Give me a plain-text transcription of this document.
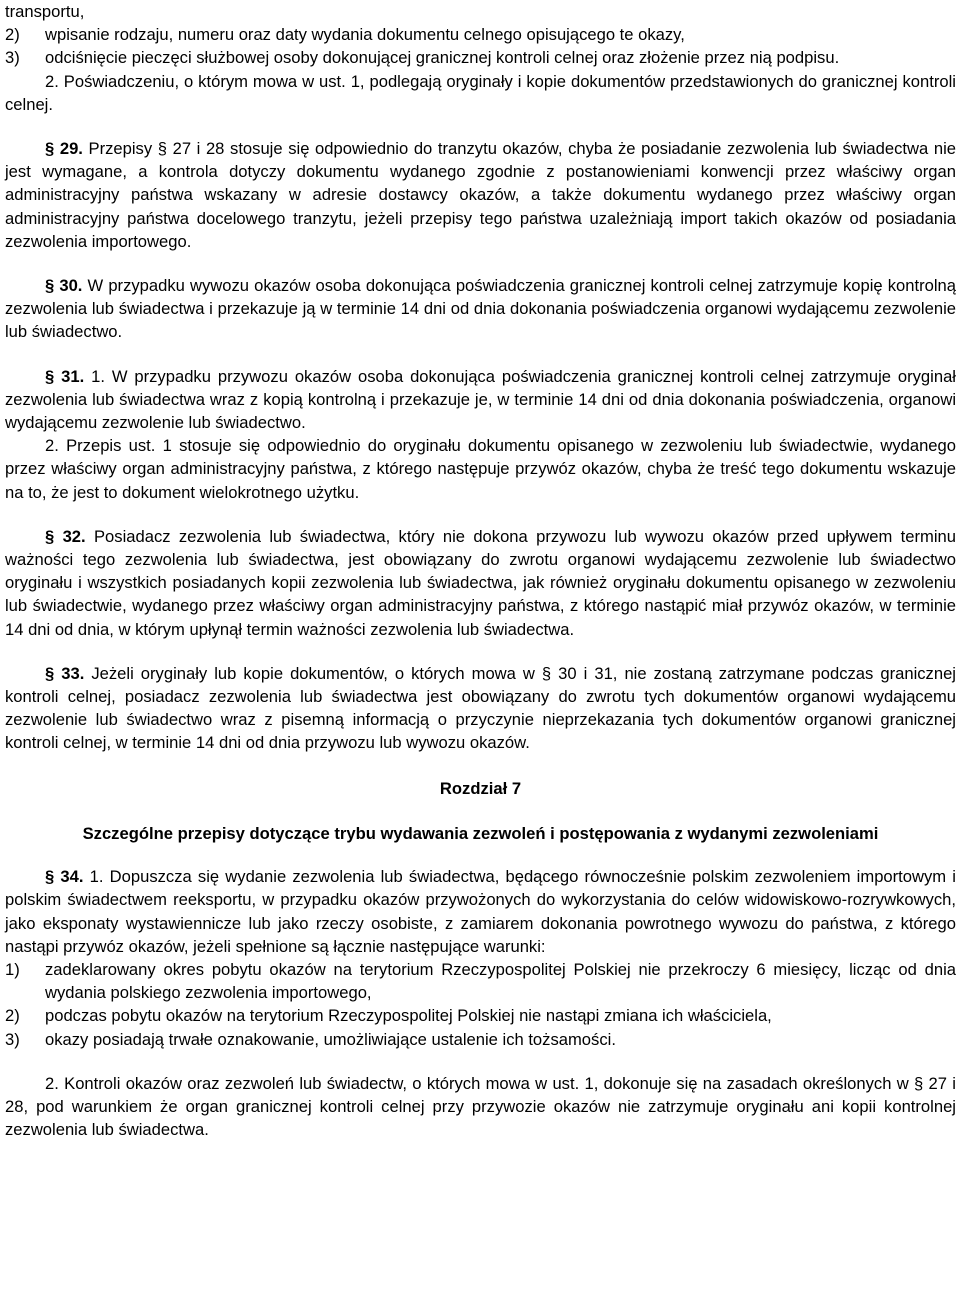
transportu,

2) wpisanie rodzaju, numeru oraz daty wydania dokumentu celnego opisującego te okazy,
3) odciśnięcie pieczęci służbowej osoby dokonującej granicznej kontroli celnej oraz złożenie przez nią podpisu.

2. Poświadczeniu, o którym mowa w ust. 1, podlegają oryginały i kopie dokumentów przedstawionych do granicznej kontroli celnej.

§ 29. Przepisy § 27 i 28 stosuje się odpowiednio do tranzytu okazów, chyba że posiadanie zezwolenia lub świadectwa nie jest wymagane, a kontrola dotyczy dokumentu wydanego zgodnie z postanowieniami konwencji przez właściwy organ administracyjny państwa wskazany w adresie dostawcy okazów, a także dokumentu wydanego przez właściwy organ administracyjny państwa docelowego tranzytu, jeżeli przepisy tego państwa uzależniają import takich okazów od posiadania zezwolenia importowego.

§ 30. W przypadku wywozu okazów osoba dokonująca poświadczenia granicznej kontroli celnej zatrzymuje kopię kontrolną zezwolenia lub świadectwa i przekazuje ją w terminie 14 dni od dnia dokonania poświadczenia organowi wydającemu zezwolenie lub świadectwo.

§ 31. 1. W przypadku przywozu okazów osoba dokonująca poświadczenia granicznej kontroli celnej zatrzymuje oryginał zezwolenia lub świadectwa wraz z kopią kontrolną i przekazuje je, w terminie 14 dni od dnia dokonania poświadczenia, organowi wydającemu zezwolenie lub świadectwo.

2. Przepis ust. 1 stosuje się odpowiednio do oryginału dokumentu opisanego w zezwoleniu lub świadectwie, wydanego przez właściwy organ administracyjny państwa, z którego następuje przywóz okazów, chyba że treść tego dokumentu wskazuje na to, że jest to dokument wielokrotnego użytku.

§ 32. Posiadacz zezwolenia lub świadectwa, który nie dokona przywozu lub wywozu okazów przed upływem terminu ważności tego zezwolenia lub świadectwa, jest obowiązany do zwrotu organowi wydającemu zezwolenie lub świadectwo oryginału i wszystkich posiadanych kopii zezwolenia lub świadectwa, jak również oryginału dokumentu opisanego w zezwoleniu lub świadectwie, wydanego przez właściwy organ administracyjny państwa, z którego nastąpić miał przywóz okazów, w terminie 14 dni od dnia, w którym upłynął termin ważności zezwolenia lub świadectwa.

§ 33. Jeżeli oryginały lub kopie dokumentów, o których mowa w § 30 i 31, nie zostaną zatrzymane podczas granicznej kontroli celnej, posiadacz zezwolenia lub świadectwa jest obowiązany do zwrotu tych dokumentów organowi wydającemu zezwolenie lub świadectwo wraz z pisemną informacją o przyczynie nieprzekazania tych dokumentów organowi granicznej kontroli celnej, w terminie 14 dni od dnia przywozu lub wywozu okazów.

Rozdział 7

Szczególne przepisy dotyczące trybu wydawania zezwoleń i postępowania z wydanymi zezwoleniami

§ 34. 1. Dopuszcza się wydanie zezwolenia lub świadectwa, będącego równocześnie polskim zezwoleniem importowym i polskim świadectwem reeksportu, w przypadku okazów przywożonych do wykorzystania do celów widowiskowo-rozrywkowych, jako eksponaty wystawiennicze lub jako rzeczy osobiste, z zamiarem dokonania powrotnego wywozu do państwa, z którego nastąpi przywóz okazów, jeżeli spełnione są łącznie następujące warunki:

1) zadeklarowany okres pobytu okazów na terytorium Rzeczypospolitej Polskiej nie przekroczy 6 miesięcy, licząc od dnia wydania polskiego zezwolenia importowego,
2) podczas pobytu okazów na terytorium Rzeczypospolitej Polskiej nie nastąpi zmiana ich właściciela,
3) okazy posiadają trwałe oznakowanie, umożliwiające ustalenie ich tożsamości.

2. Kontroli okazów oraz zezwoleń lub świadectw, o których mowa w ust. 1, dokonuje się na zasadach określonych w § 27 i 28, pod warunkiem że organ granicznej kontroli celnej przy przywozie okazów nie zatrzymuje oryginału ani kopii kontrolnej zezwolenia lub świadectwa.
